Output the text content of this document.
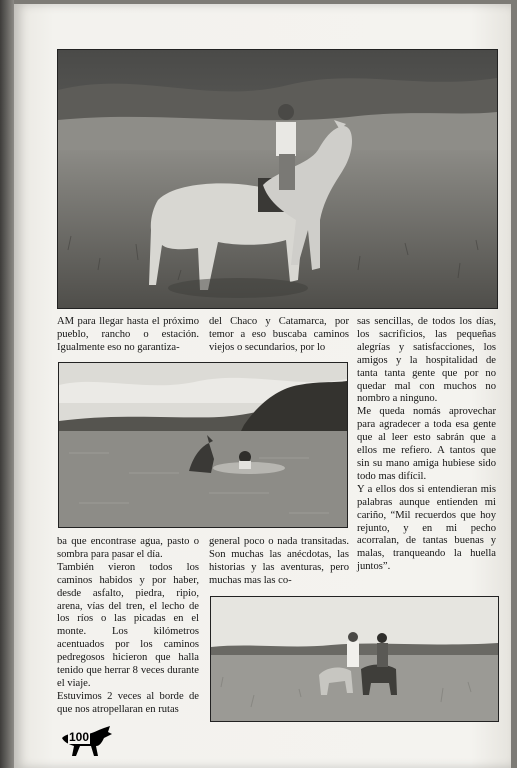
AM para llegar hasta el próximo pueblo, rancho o estación. Igualmente eso no garantiza-

del Chaco y Catamarca, por temor a eso buscaba caminos viejos o secundarios, por lo

sas sencillas, de todos los días, los sacrificios, las pequeñas alegrías y satisfacciones, los amigos y la hospitalidad de tanta tanta gente que por no quedar mal con muchos no nombro a ninguno.

Me queda nomás aprovechar para agradecer a toda esa gente que al leer esto sabrán que a ellos me refiero. A tantos que sin su mano amiga hubiese sido todo mas difícil.

Y a ellos dos si entendieran mis palabras aunque entienden mi cariño, “Mil recuerdos que hoy rejunto, y en mi pecho acorralan, de tantas buenas y malas, tranqueando la huella juntos”.

ba que encontrase agua, pasto o sombra para pasar el día.

También vieron todos los caminos habidos y por haber, desde asfalto, piedra, ripio, arena, vías del tren, el lecho de los ríos o las picadas en el monte. Los kilómetros acentuados por los caminos pedregosos hicieron que halla tenido que herrar 8 veces durante el viaje.

Estuvimos 2 veces al borde de que nos atropellaran en rutas

general poco o nada transitadas. Son muchas las anécdotas, las historias y las aventuras, pero muchas mas las co-

100
